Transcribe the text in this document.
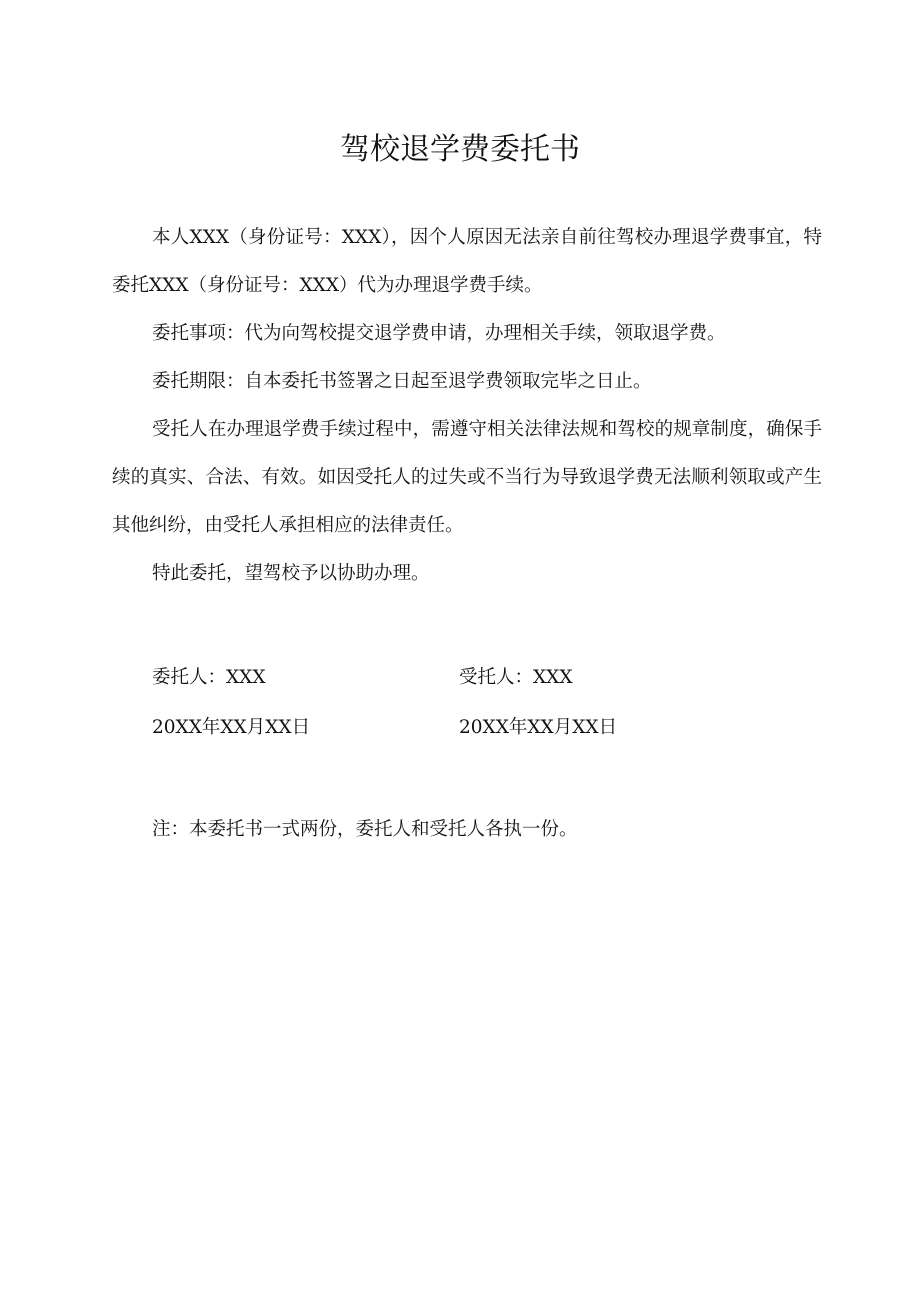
驾校退学费委托书

本人XXX（身份证号：XXX），因个人原因无法亲自前往驾校办理退学费事宜，特委托XXX（身份证号：XXX）代为办理退学费手续。

委托事项：代为向驾校提交退学费申请，办理相关手续，领取退学费。

委托期限：自本委托书签署之日起至退学费领取完毕之日止。

受托人在办理退学费手续过程中，需遵守相关法律法规和驾校的规章制度，确保手续的真实、合法、有效。如因受托人的过失或不当行为导致退学费无法顺利领取或产生其他纠纷，由受托人承担相应的法律责任。

特此委托，望驾校予以协助办理。

委托人：XXX
20XX年XX月XX日
受托人：XXX
20XX年XX月XX日
注：本委托书一式两份，委托人和受托人各执一份。
